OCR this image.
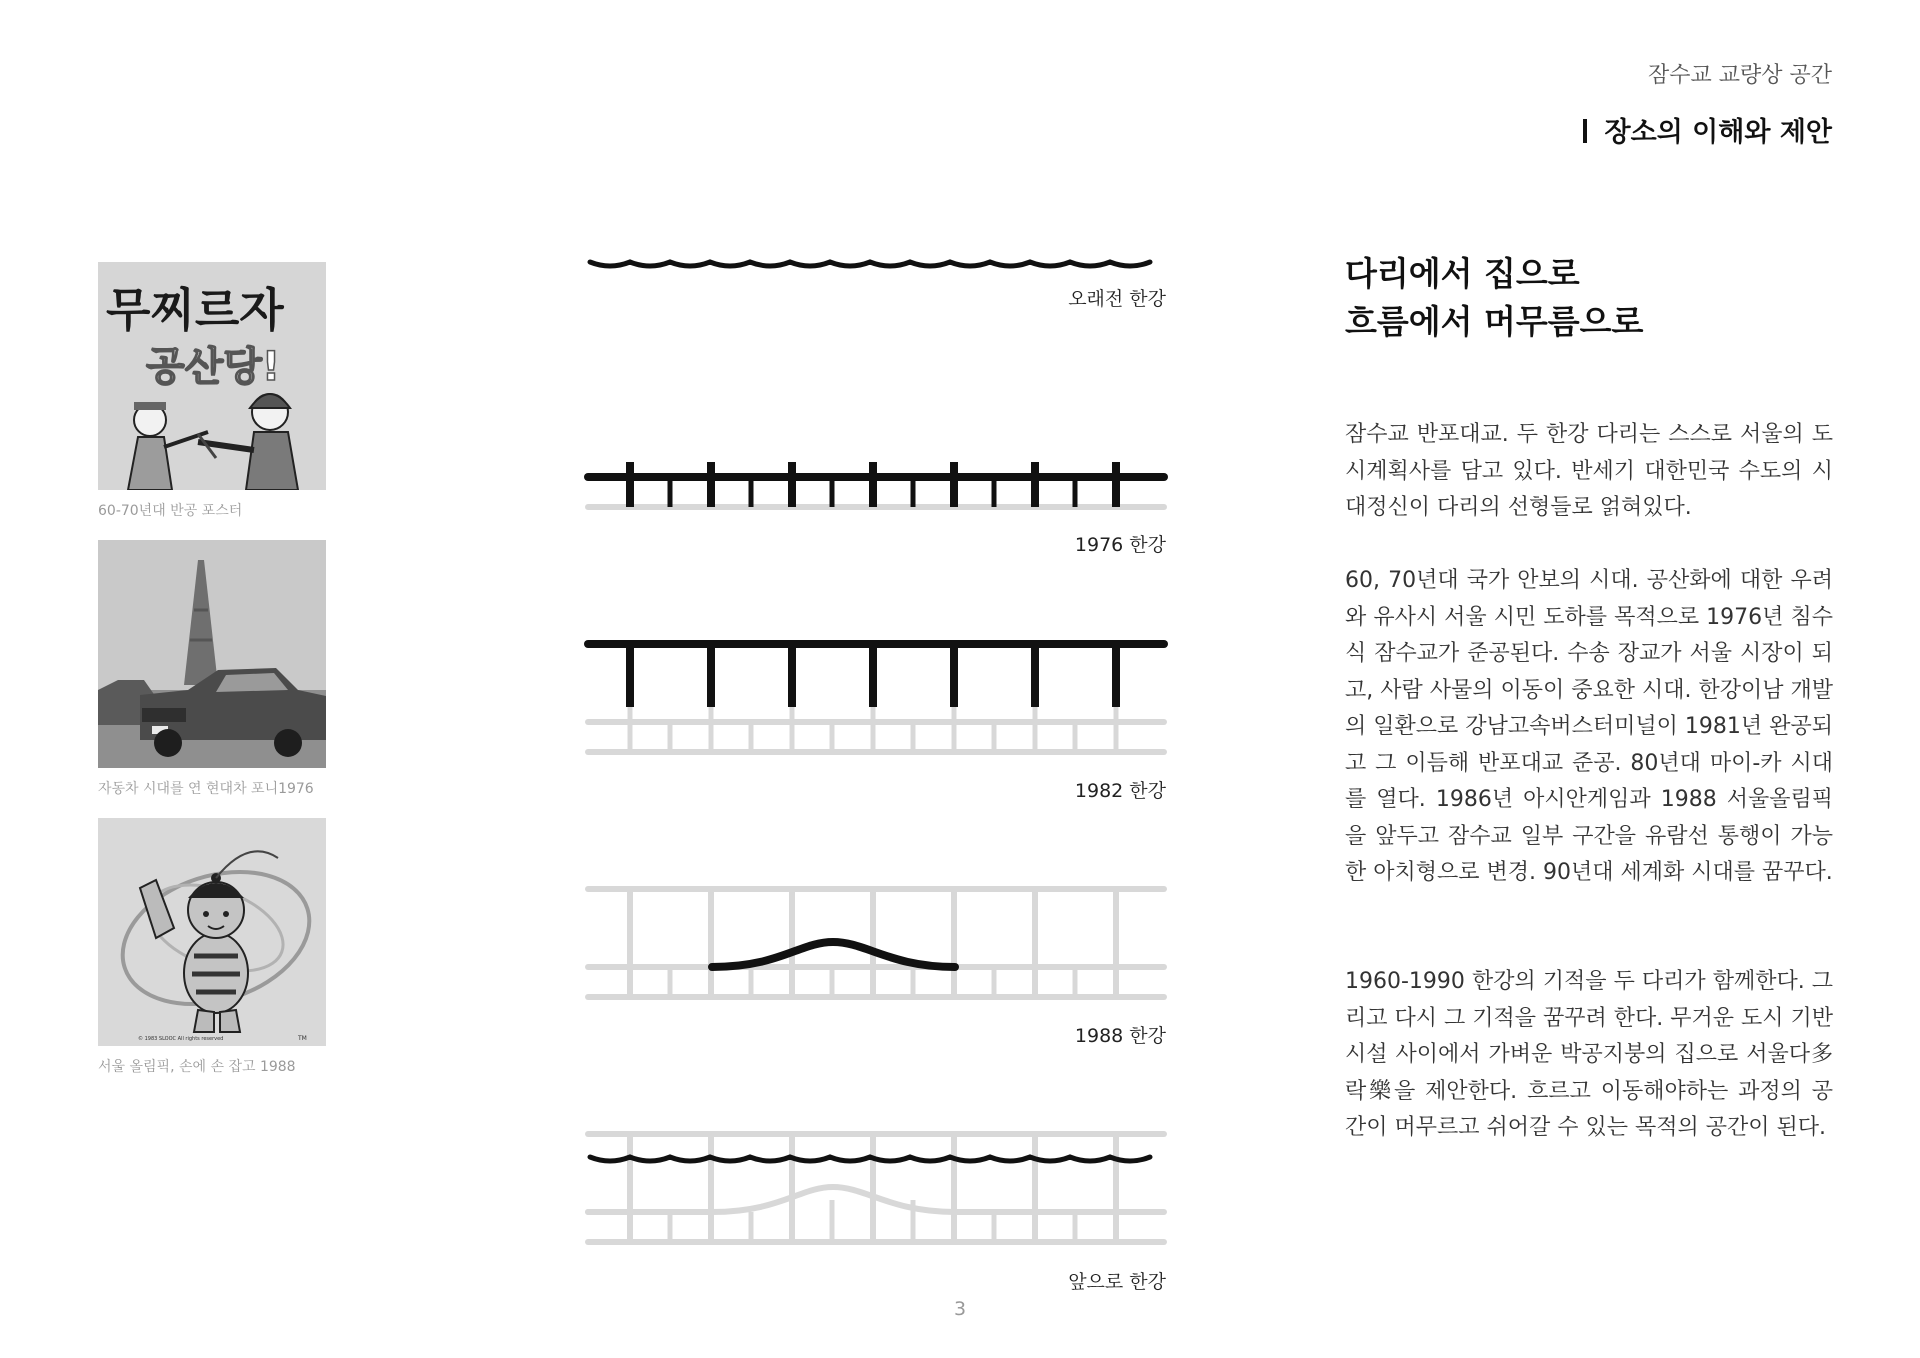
잠수교 교량상 공간
장소의 이해와 제안
무찌르자
공산당!
60-70년대 반공 포스터
자동차 시대를 연 현대차 포니1976
© 1983 SLOOC All rights reserved	TM
서울 올림픽, 손에 손 잡고 1988
오래전 한강
1976 한강
1982 한강
1988 한강
앞으로 한강
다리에서 집으로
흐름에서 머무름으로
잠수교 반포대교. 두 한강 다리는 스스로 서울의 도시계획사를 담고 있다. 반세기 대한민국 수도의 시대정신이 다리의 선형들로 얽혀있다.
60, 70년대 국가 안보의 시대. 공산화에 대한 우려와 유사시 서울 시민 도하를 목적으로 1976년 침수식 잠수교가 준공된다. 수송 장교가 서울 시장이 되고, 사람 사물의 이동이 중요한 시대. 한강이남 개발의 일환으로 강남고속버스터미널이 1981년 완공되고 그 이듬해 반포대교 준공. 80년대 마이-카 시대를 열다. 1986년 아시안게임과 1988 서울올림픽을 앞두고 잠수교 일부 구간을 유람선 통행이 가능한 아치형으로 변경. 90년대 세계화 시대를 꿈꾸다.
1960-1990 한강의 기적을 두 다리가 함께한다. 그리고 다시 그 기적을 꿈꾸려 한다. 무거운 도시 기반시설 사이에서 가벼운 박공지붕의 집으로 서울다多락樂을 제안한다. 흐르고 이동해야하는 과정의 공간이 머무르고 쉬어갈 수 있는 목적의 공간이 된다.
3
